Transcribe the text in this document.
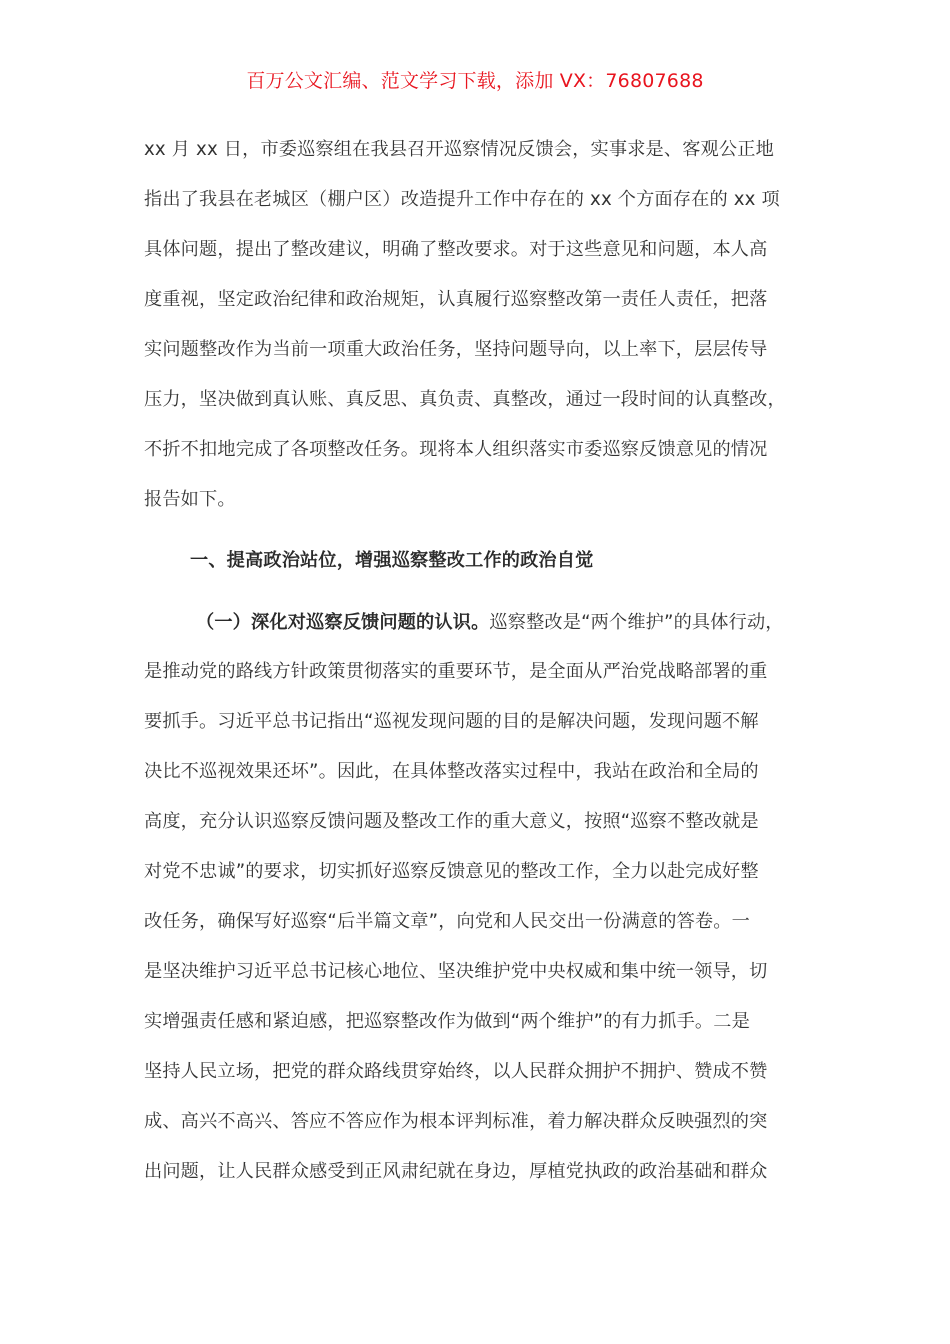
百万公文汇编、范文学习下载，添加 VX：76807688
xx 月 xx 日，市委巡察组在我县召开巡察情况反馈会，实事求是、客观公正地
指出了我县在老城区（棚户区）改造提升工作中存在的 xx 个方面存在的 xx 项
具体问题，提出了整改建议，明确了整改要求。对于这些意见和问题，本人高
度重视，坚定政治纪律和政治规矩，认真履行巡察整改第一责任人责任，把落
实问题整改作为当前一项重大政治任务，坚持问题导向，以上率下，层层传导
压力，坚决做到真认账、真反思、真负责、真整改，通过一段时间的认真整改，
不折不扣地完成了各项整改任务。现将本人组织落实市委巡察反馈意见的情况
报告如下。
一、提高政治站位，增强巡察整改工作的政治自觉
（一）深化对巡察反馈问题的认识。巡察整改是“两个维护”的具体行动，
是推动党的路线方针政策贯彻落实的重要环节，是全面从严治党战略部署的重
要抓手。习近平总书记指出“巡视发现问题的目的是解决问题，发现问题不解
决比不巡视效果还坏”。因此，在具体整改落实过程中，我站在政治和全局的
高度，充分认识巡察反馈问题及整改工作的重大意义，按照“巡察不整改就是
对党不忠诚”的要求，切实抓好巡察反馈意见的整改工作，全力以赴完成好整
改任务，确保写好巡察“后半篇文章”，向党和人民交出一份满意的答卷。一
是坚决维护习近平总书记核心地位、坚决维护党中央权威和集中统一领导，切
实增强责任感和紧迫感，把巡察整改作为做到“两个维护”的有力抓手。二是
坚持人民立场，把党的群众路线贯穿始终，以人民群众拥护不拥护、赞成不赞
成、高兴不高兴、答应不答应作为根本评判标准，着力解决群众反映强烈的突
出问题，让人民群众感受到正风肃纪就在身边，厚植党执政的政治基础和群众
